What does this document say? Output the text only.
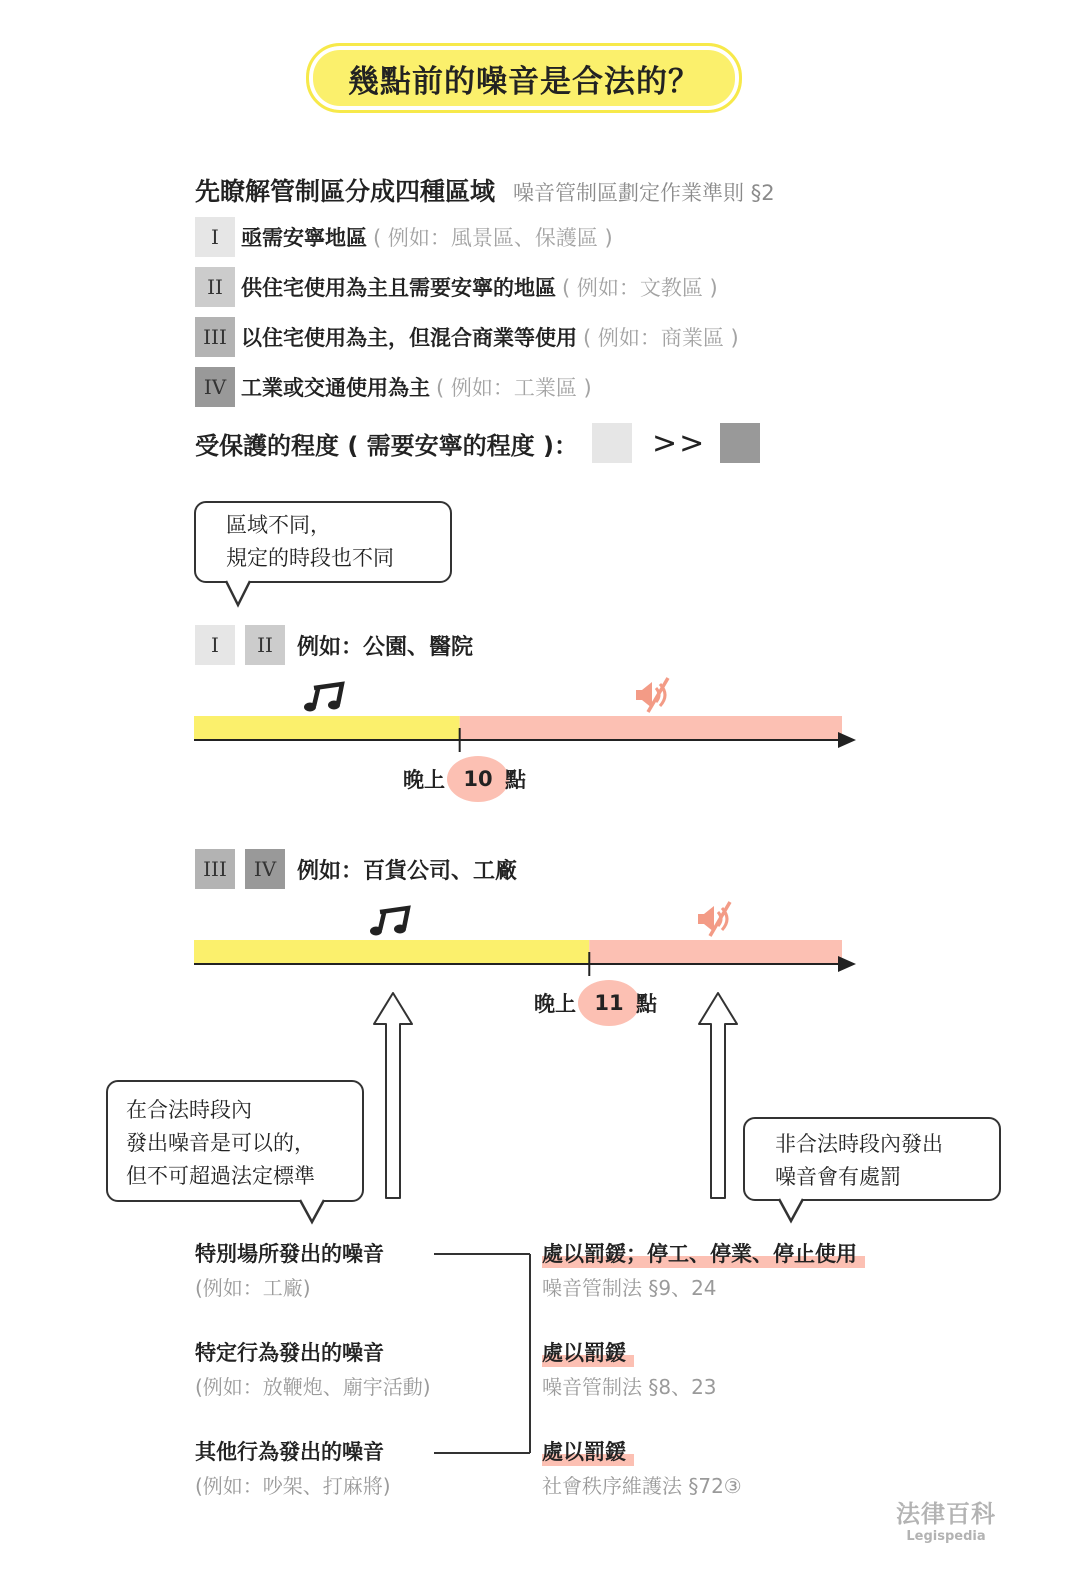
幾點前的噪音是合法的？
先瞭解管制區分成四種區域 噪音管制區劃定作業準則 §2
I	亟需安寧地區 ( 例如：風景區、保護區 )
II 供住宅使用為主且需要安寧的地區 ( 例如：文教區 )
III 以住宅使用為主，但混合商業等使用 ( 例如：商業區 )
IV 工業或交通使用為主 ( 例如：工業區 )
受保護的程度 ( 需要安寧的程度 )： >>
區域不同，
規定的時段也不同
I	II	例如：公園、醫院
晚上 10 點
III	IV 例如：百貨公司、工廠
晚上 11 點
在合法時段內
發出噪音是可以的，
但不可超過法定標準
非合法時段內發出
噪音會有處罰
特別場所發出的噪音
(例如：工廠)
特定行為發出的噪音
(例如：放鞭炮、廟宇活動)
其他行為發出的噪音
(例如：吵架、打麻將)
處以罰鍰；停工、停業、停止使用
噪音管制法 §9、24
處以罰鍰
噪音管制法 §8、23
處以罰鍰
社會秩序維護法 §72③
法律百科
Legispedia
